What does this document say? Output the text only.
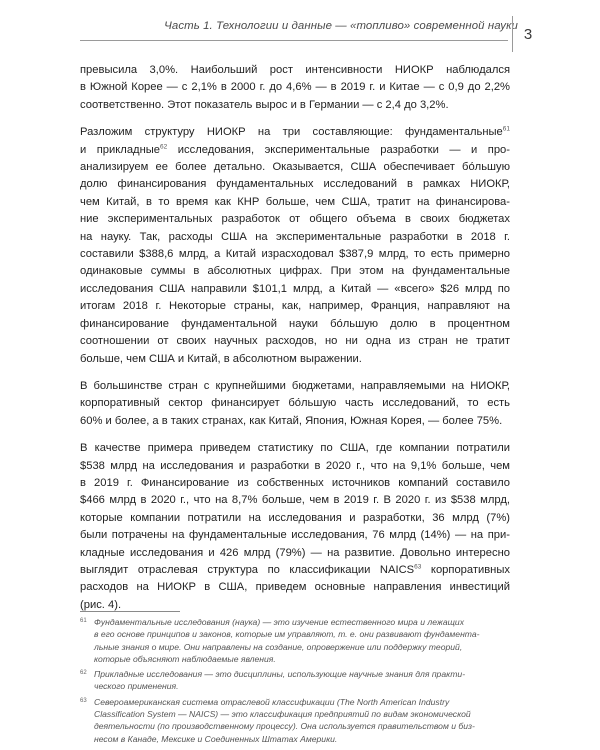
Часть 1. Технологии и данные — «топливо» современной науки 3

превысила 3,0%. Наибольший рост интенсивности НИОКР наблюдался
в Южной Корее — с 2,1% в 2000 г. до 4,6% — в 2019 г. и Китае — с 0,9 до 2,2%
соответственно. Этот показатель вырос и в Германии — с 2,4 до 3,2%.

Разложим структуру НИОКР на три составляющие: фундаментальные$^{61}$
и прикладные$^{62}$ исследования, экспериментальные разработки — и про-
анализируем ее более детально. Оказывается, США обеспечивает бо́льшую
долю финансирования фундаментальных исследований в рамках НИОКР,
чем Китай, в то время как КНР больше, чем США, тратит на финансирова-
ние экспериментальных разработок от общего объема в своих бюджетах
на науку. Так, расходы США на экспериментальные разработки в 2018 г.
составили $388,6 млрд, а Китай израсходовал $387,9 млрд, то есть примерно
одинаковые суммы в абсолютных цифрах. При этом на фундаментальные
исследования США направили $101,1 млрд, а Китай — «всего» $26 млрд по
итогам 2018 г. Некоторые страны, как, например, Франция, направляют на
финансирование фундаментальной науки бо́льшую долю в процентном
соотношении от своих научных расходов, но ни одна из стран не тратит
больше, чем США и Китай, в абсолютном выражении.

В большинстве стран с крупнейшими бюджетами, направляемыми на НИОКР,
корпоративный сектор финансирует бо́льшую часть исследований, то есть
60% и более, а в таких странах, как Китай, Япония, Южная Корея, — более 75%.

В качестве примера приведем статистику по США, где компании потратили
$538 млрд на исследования и разработки в 2020 г., что на 9,1% больше, чем
в 2019 г. Финансирование из собственных источников компаний составило
$466 млрд в 2020 г., что на 8,7% больше, чем в 2019 г. В 2020 г. из $538 млрд,
которые компании потратили на исследования и разработки, 36 млрд (7%)
были потрачены на фундаментальные исследования, 76 млрд (14%) — на при-
кладные исследования и 426 млрд (79%) — на развитие. Довольно интересно
выглядит отраслевая структура по классификации NAICS$^{63}$ корпоративных
расходов на НИОКР в США, приведем основные направления инвестиций
(рис. 4).

61 Фундаментальные исследования (наука) — это изучение естественного мира и лежащих
в его основе принципов и законов, которые им управляют, т. е. они развивают фундамента-
льные знания о мире. Они направлены на создание, опровержение или поддержку теорий,
которые объясняют наблюдаемые явления.
62 Прикладные исследования — это дисциплины, использующие научные знания для практи-
ческого применения.
63 Североамериканская система отраслевой классификации (The North American Industry
Classification System — NAICS) — это классификация предприятий по видам экономической
деятельности (по производственному процессу). Она используется правительством и биз-
несом в Канаде, Мексике и Соединенных Штатах Америки.
